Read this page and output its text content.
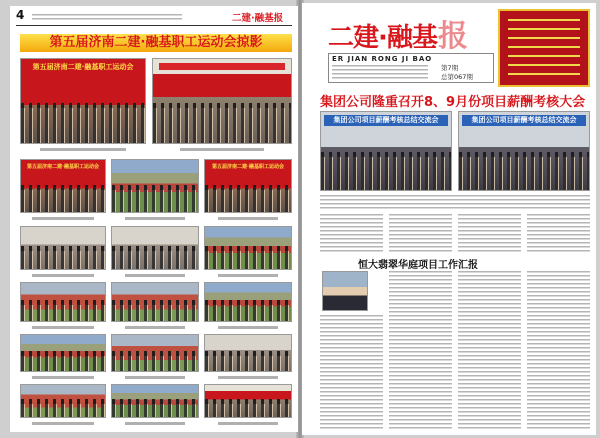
4	二建·融基报
第五届济南二建·融基职工运动会掠影
第五届济南二建·融基职工运动会
第五届济南二建·融基职工运动会	第五届济南二建·融基职工运动会
二建·融基报
ER JIAN RONG JI BAO
第7期
总第067期
集团公司隆重召开8、9月份项目薪酬考核大会
集团公司项目薪酬考核总结交流会	集团公司项目薪酬考核总结交流会
恒大翡翠华庭项目工作汇报
